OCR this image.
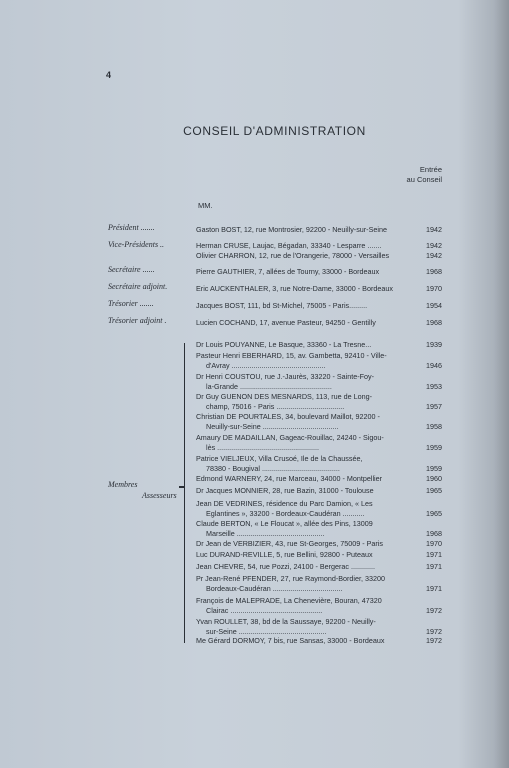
4
CONSEIL D'ADMINISTRATION
Entrée
au Conseil
MM.
Président .......	Gaston BOST, 12, rue Montrosier, 92200 - Neuilly-sur-Seine	1942
Vice-Présidents ..	Herman CRUSE, Laujac, Bégadan, 33340 - Lesparre .......	1942
Olivier CHARRON, 12, rue de l'Orangerie, 78000 - Versailles	1942
Secrétaire ......	Pierre GAUTHIER, 7, allées de Tourny, 33000 - Bordeaux	1968
Secrétaire adjoint.	Eric AUCKENTHALER, 3, rue Notre-Dame, 33000 - Bordeaux	1970
Trésorier .......	Jacques BOST, 111, bd St-Michel, 75005 - Paris.........	1954
Trésorier adjoint .	Lucien COCHAND, 17, avenue Pasteur, 94250 - Gentilly	1968
Membres
Assesseurs
Dr Louis POUYANNE, Le Basque, 33360 - La Tresne...	1939
Pasteur Henri EBERHARD, 15, av. Gambetta, 92410 - Ville-
d'Avray ...............................................	1946
Dr Henri COUSTOU, rue J.-Jaurès, 33220 - Sainte-Foy-
la-Grande ..............................................	1953
Dr Guy GUENON DES MESNARDS, 113, rue de Long-
champ, 75016 - Paris ..................................	1957
Christian DE POURTALES, 34, boulevard Maillot, 92200 -
Neuilly-sur-Seine ......................................	1958
Amaury DE MADAILLAN, Gageac-Rouillac, 24240 - Sigou-
lès ...................................................	1959
Patrice VIELJEUX, Villa Crusoé, Ile de la Chaussée,
78380 - Bougival .......................................	1959
Edmond WARNERY, 24, rue Marceau, 34000 - Montpellier	1960
Dr Jacques MONNIER, 28, rue Bazin, 31000 - Toulouse	1965
Jean DE VEDRINES, résidence du Parc Damion, « Les
Eglantines », 33200 - Bordeaux-Caudéran ...........	1965
Claude BERTON, « Le Floucat », allée des Pins, 13009
Marseille ............................................	1968
Dr Jean de VERBIZIER, 43, rue St-Georges, 75009 - Paris	1970
Luc DURAND-REVILLE, 5, rue Bellini, 92800 - Puteaux	1971
Jean CHEVRE, 54, rue Pozzi, 24100 - Bergerac ............	1971
Pr Jean-René PFENDER, 27, rue Raymond-Bordier, 33200
Bordeaux-Caudéran ...................................	1971
François de MALEPRADE, La Chenevière, Bouran, 47320
Clairac ..............................................	1972
Yvan ROULLET, 38, bd de la Saussaye, 92200 - Neuilly-
sur-Seine ............................................	1972
Me Gérard DORMOY, 7 bis, rue Sansas, 33000 - Bordeaux	1972
